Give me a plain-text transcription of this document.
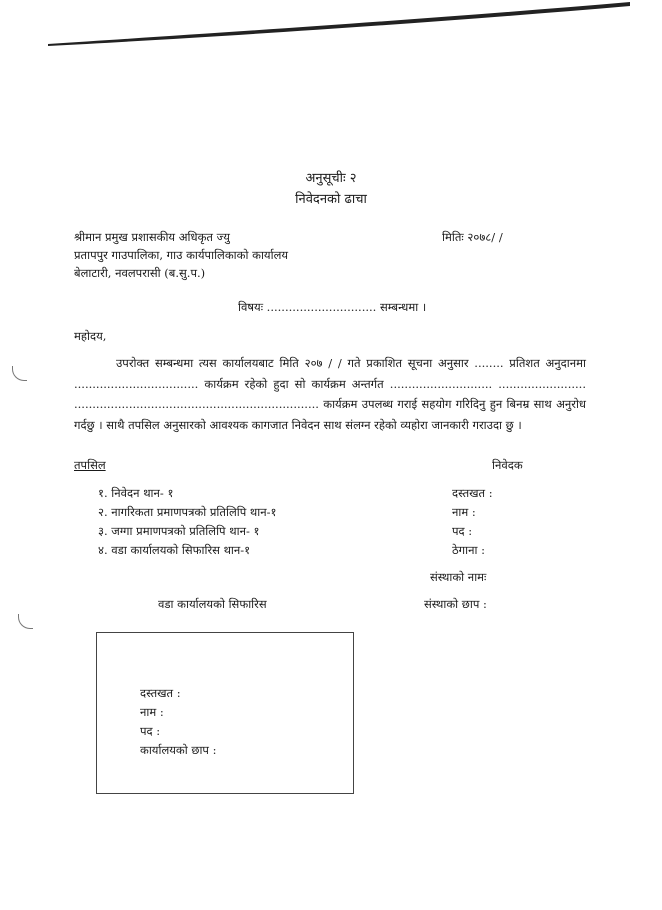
अनुसूचीः २
निवेदनको ढाचा
श्रीमान प्रमुख प्रशासकीय अधिकृत ज्यु
प्रतापपुर गाउपालिका, गाउ कार्यपालिकाको कार्यालय
बेलाटारी, नवलपरासी (ब.सु.प.)
मितिः २०७८/ /
विषयः .............................. सम्बन्धमा ।
महोदय,
उपरोक्त सम्बन्धमा त्यस कार्यालयबाट मिति २०७ / / गते प्रकाशित सूचना अनुसार ........ प्रतिशत अनुदानमा .................................. कार्यक्रम रहेको हुदा सो कार्यक्रम अन्तर्गत ............................ ........................ ................................................................... कार्यक्रम उपलब्ध गराई सहयोग गरिदिनु हुन बिनम्र साथ अनुरोध गर्दछु । साथै तपसिल अनुसारको आवश्यक कागजात निवेदन साथ संलग्न रहेको व्यहोरा जानकारी गराउदा छु ।
तपसिल
१. निवेदन थान- १
२. नागरिकता प्रमाणपत्रको प्रतिलिपि थान-१
३. जग्गा प्रमाणपत्रको प्रतिलिपि थान- १
४. वडा कार्यालयको सिफारिस थान-१
निवेदक
दस्तखत :
नाम :
पद :
ठेगाना :
संस्थाको नामः
संस्थाको छाप :
वडा कार्यालयको सिफारिस
दस्तखत :
नाम :
पद :
कार्यालयको छाप :
